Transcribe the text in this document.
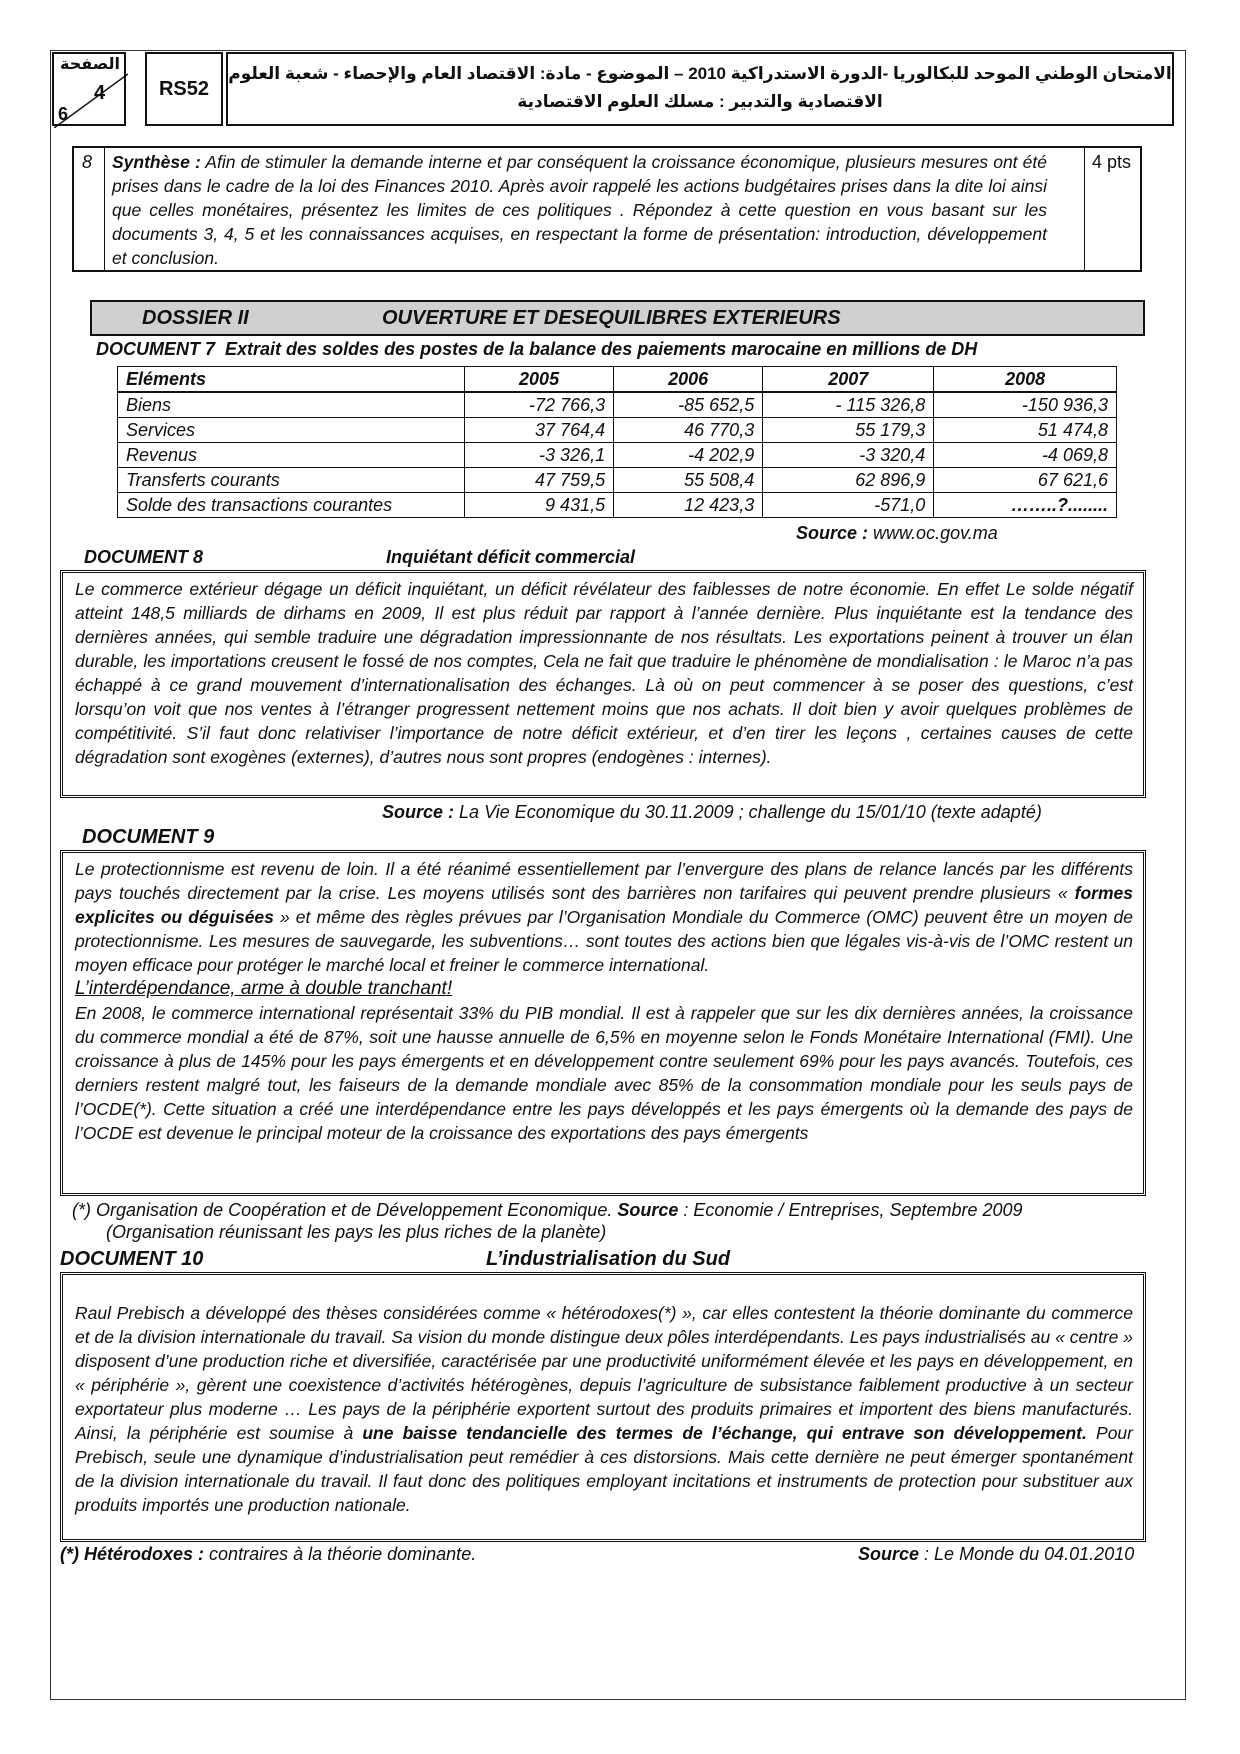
الصفحة
4
6
RS52
الامتحان الوطني الموحد للبكالوريا -الدورة الاستدراكية 2010 – الموضوع - مادة: الاقتصاد العام والإحصاء - شعبة العلوم
الاقتصادية والتدبير : مسلك العلوم الاقتصادية
8 Synthèse : Afin de stimuler la demande interne et par conséquent la croissance économique, plusieurs mesures ont été prises dans le cadre de la loi des Finances 2010. Après avoir rappelé les actions budgétaires prises dans la dite loi ainsi que celles monétaires, présentez les limites de ces politiques . Répondez à cette question en vous basant sur les documents 3, 4, 5 et les connaissances acquises, en respectant la forme de présentation: introduction, développement et conclusion.
4 pts
DOSSIER II	OUVERTURE ET DESEQUILIBRES EXTERIEURS
DOCUMENT 7 Extrait des soldes des postes de la balance des paiements marocaine en millions de DH
Eléments	2005	2006	2007	2008
Biens	-72 766,3	-85 652,5	- 115 326,8	-150 936,3
Services	37 764,4	46 770,3	55 179,3	51 474,8
Revenus	-3 326,1	-4 202,9	-3 320,4	-4 069,8
Transferts courants	47 759,5	55 508,4	62 896,9	67 621,6
Solde des transactions courantes	9 431,5	12 423,3	-571,0	……..?........
Source : www.oc.gov.ma
DOCUMENT 8	Inquiétant déficit commercial
Le commerce extérieur dégage un déficit inquiétant, un déficit révélateur des faiblesses de notre économie. En effet Le solde négatif atteint 148,5 milliards de dirhams en 2009, Il est plus réduit par rapport à l’année dernière. Plus inquiétante est la tendance des dernières années, qui semble traduire une dégradation impressionnante de nos résultats. Les exportations peinent à trouver un élan durable, les importations creusent le fossé de nos comptes, Cela ne fait que traduire le phénomène de mondialisation : le Maroc n’a pas échappé à ce grand mouvement d’internationalisation des échanges. Là où on peut commencer à se poser des questions, c’est lorsqu’on voit que nos ventes à l’étranger progressent nettement moins que nos achats. Il doit bien y avoir quelques problèmes de compétitivité. S’il faut donc relativiser l’importance de notre déficit extérieur, et d’en tirer les leçons , certaines causes de cette dégradation sont exogènes (externes), d’autres nous sont propres (endogènes : internes).
Source : La Vie Economique du 30.11.2009 ; challenge du 15/01/10 (texte adapté)
DOCUMENT 9

Le protectionnisme est revenu de loin. Il a été réanimé essentiellement par l’envergure des plans de relance lancés par les différents pays touchés directement par la crise. Les moyens utilisés sont des barrières non tarifaires qui peuvent prendre plusieurs « formes explicites ou déguisées » et même des règles prévues par l’Organisation Mondiale du Commerce (OMC) peuvent être un moyen de protectionnisme. Les mesures de sauvegarde, les subventions… sont toutes des actions bien que légales vis-à-vis de l’OMC restent un moyen efficace pour protéger le marché local et freiner le commerce international.

L’interdépendance, arme à double tranchant!

En 2008, le commerce international représentait 33% du PIB mondial. Il est à rappeler que sur les dix dernières années, la croissance du commerce mondial a été de 87%, soit une hausse annuelle de 6,5% en moyenne selon le Fonds Monétaire International (FMI). Une croissance à plus de 145% pour les pays émergents et en développement contre seulement 69% pour les pays avancés. Toutefois, ces derniers restent malgré tout, les faiseurs de la demande mondiale avec 85% de la consommation mondiale pour les seuls pays de l’OCDE(*). Cette situation a créé une interdépendance entre les pays développés et les pays émergents où la demande des pays de l’OCDE est devenue le principal moteur de la croissance des exportations des pays émergents

(*) Organisation de Coopération et de Développement Economique. Source : Economie / Entreprises, Septembre 2009
(Organisation réunissant les pays les plus riches de la planète)
DOCUMENT 10	L’industrialisation du Sud
Raul Prebisch a développé des thèses considérées comme « hétérodoxes(*) », car elles contestent la théorie dominante du commerce et de la division internationale du travail. Sa vision du monde distingue deux pôles interdépendants. Les pays industrialisés au « centre » disposent d’une production riche et diversifiée, caractérisée par une productivité uniformément élevée et les pays en développement, en « périphérie », gèrent une coexistence d’activités hétérogènes, depuis l’agriculture de subsistance faiblement productive à un secteur exportateur plus moderne … Les pays de la périphérie exportent surtout des produits primaires et importent des biens manufacturés. Ainsi, la périphérie est soumise à une baisse tendancielle des termes de l’échange, qui entrave son développement. Pour Prebisch, seule une dynamique d’industrialisation peut remédier à ces distorsions. Mais cette dernière ne peut émerger spontanément de la division internationale du travail. Il faut donc des politiques employant incitations et instruments de protection pour substituer aux produits importés une production nationale.
(*) Hétérodoxes : contraires à la théorie dominante.	Source : Le Monde du 04.01.2010
